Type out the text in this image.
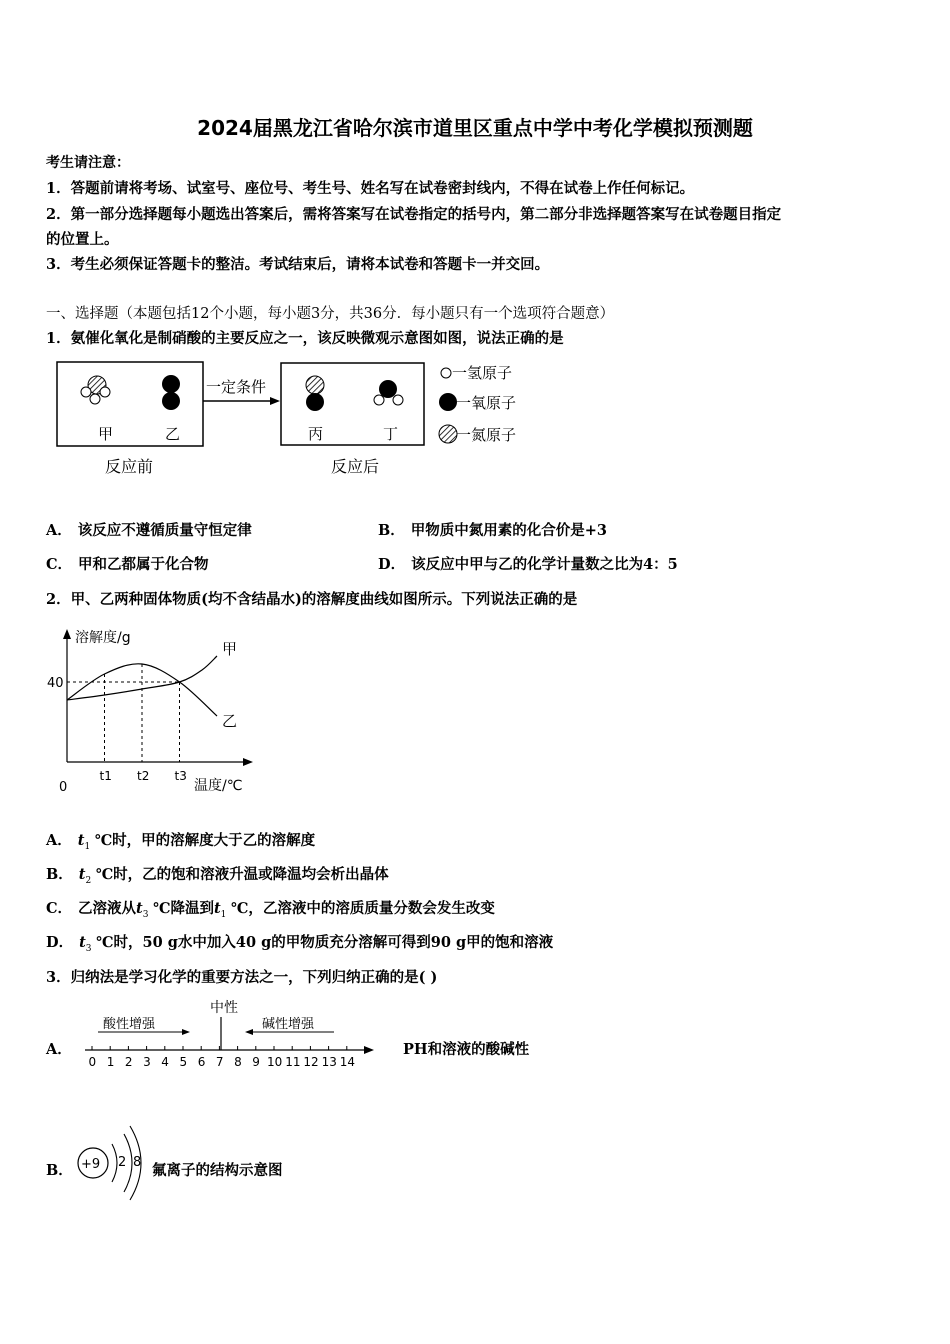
2024届黑龙江省哈尔滨市道里区重点中学中考化学模拟预测题
考生请注意：
1．答题前请将考场、试室号、座位号、考生号、姓名写在试卷密封线内，不得在试卷上作任何标记。
2．第一部分选择题每小题选出答案后，需将答案写在试卷指定的括号内，第二部分非选择题答案写在试卷题目指定
的位置上。
3．考生必须保证答题卡的整洁。考试结束后，请将本试卷和答题卡一并交回。
一、选择题（本题包括12个小题，每小题3分，共36分．每小题只有一个选项符合题意）
1．氨催化氧化是制硝酸的主要反应之一，该反映微观示意图如图，说法正确的是
甲	乙
一定条件
丙	丁
反应前	反应后
一氢原子
一氧原子
一氮原子
A． 该反应不遵循质量守恒定律	B． 甲物质中氮用素的化合价是+3
C． 甲和乙都属于化合物	D． 该反应中甲与乙的化学计量数之比为4：5
2．甲、乙两种固体物质(均不含结晶水)的溶解度曲线如图所示。下列说法正确的是
溶解度/g
温度/℃
0
40
t1 t2 t3
甲
乙
A． $t_1$ ℃时，甲的溶解度大于乙的溶解度
B． $t_2$ ℃时，乙的饱和溶液升温或降温均会析出晶体
C． 乙溶液从$t_3$ ℃降温到$t_1$ ℃，乙溶液中的溶质质量分数会发生改变
D． $t_3$ ℃时，50 g水中加入40 g的甲物质充分溶解可得到90 g甲的饱和溶液
3．归纳法是学习化学的重要方法之一，下列归纳正确的是( )
A．
中性
酸性增强	碱性增强
0 1 2 3 4 5 6 7 8 9 10 11 12 13 14
PH和溶液的酸碱性
B． +9 2 8 氟离子的结构示意图
